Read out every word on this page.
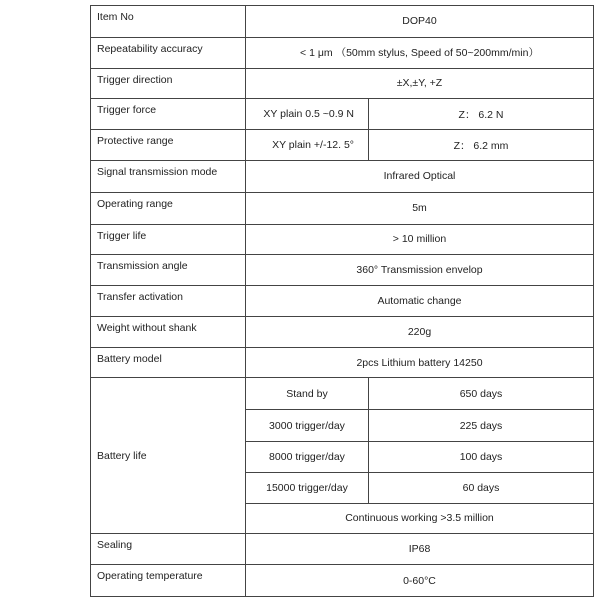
Item No	DOP40	
Repeatability accuracy	< 1 μm （50mm stylus, Speed of 50~200mm/min）	
Trigger direction	±X,±Y, +Z	
Trigger force	XY plain 0.5 ~0.9 N	Z： 6.2 N
Protective range	XY plain +/-12. 5°	Z： 6.2 mm
Signal transmission mode	Infrared Optical	
Operating range	5m	
Trigger life	> 10 million	
Transmission angle	360° Transmission envelop	
Transfer activation	Automatic change	
Weight without shank	220g	
Battery model	2pcs Lithium battery 14250	
Battery life	Stand by	650 days
	3000 trigger/day	225 days
	8000 trigger/day	100 days
	15000 trigger/day	60 days
	Continuous working >3.5 million	
Sealing	IP68	
Operating temperature	0-60°C	
